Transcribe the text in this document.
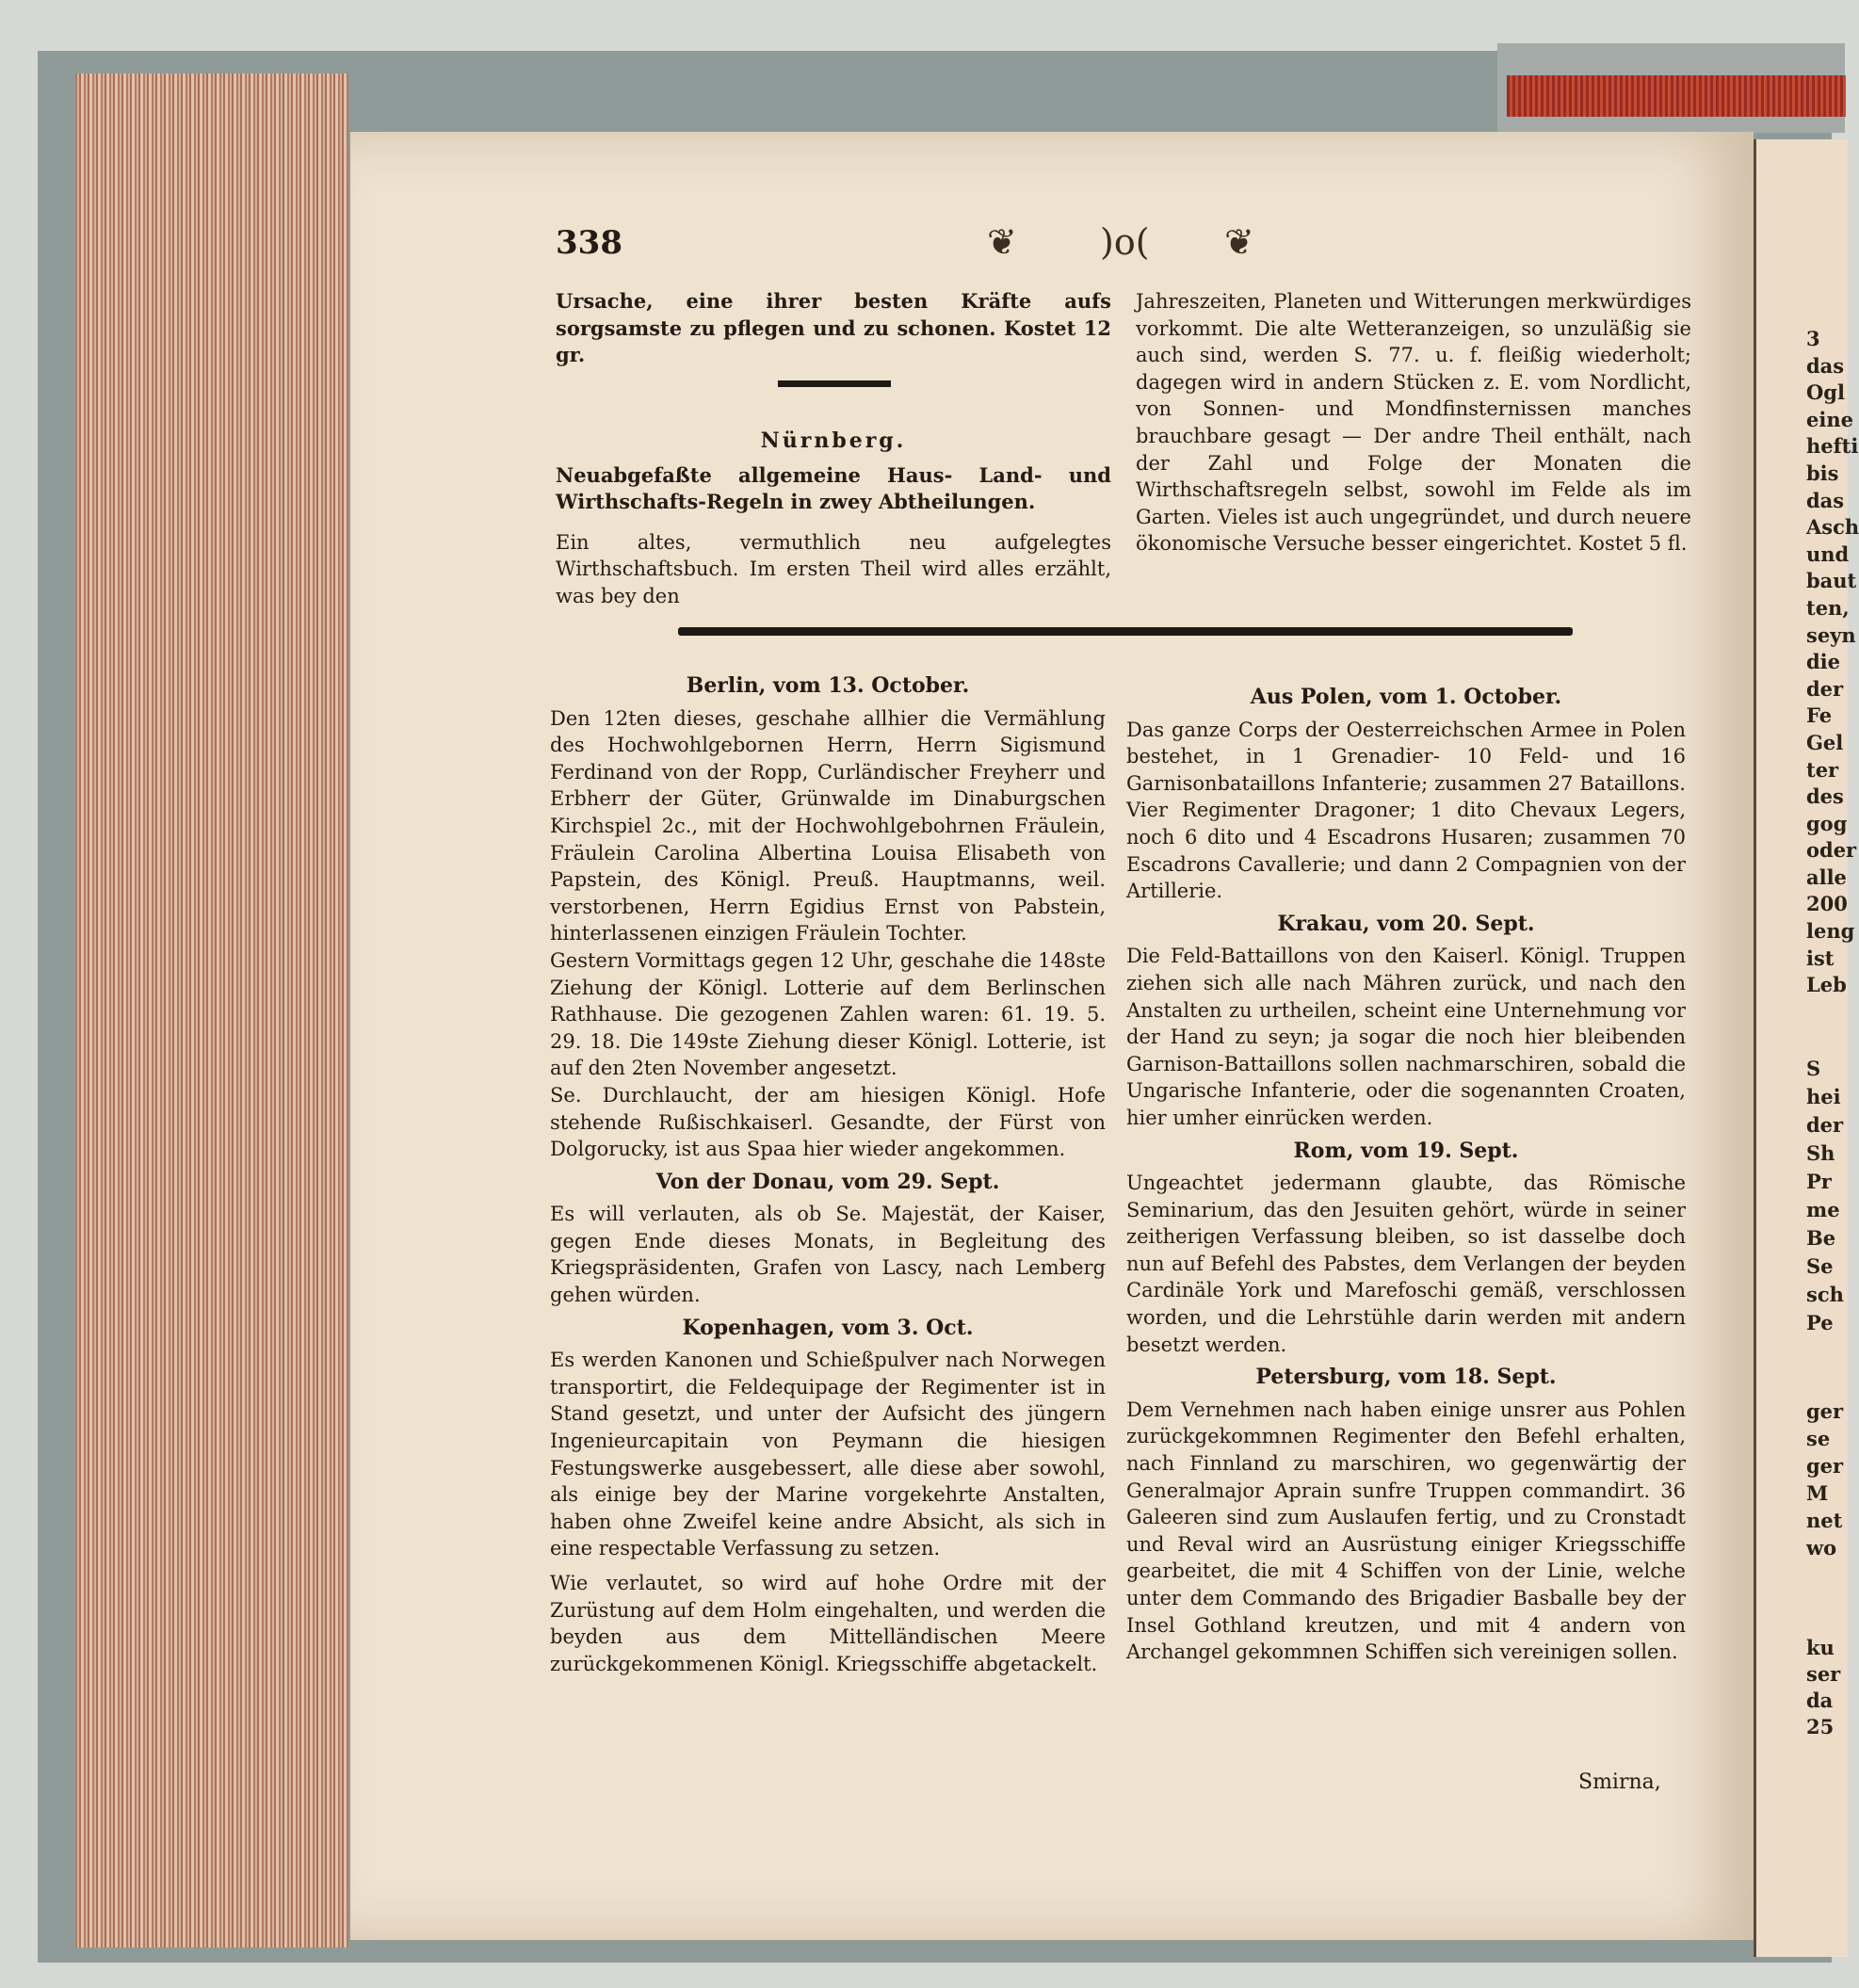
338	❦ )o( ❦

Ursache, eine ihrer besten Kräfte aufs sorgsamste zu pflegen und zu schonen. Kostet 12 gr.

Nürnberg.

Neuabgefaßte allgemeine Haus- Land- und Wirthschafts-Regeln in zwey Abtheilungen.

Ein altes, vermuthlich neu aufgelegtes Wirthschaftsbuch. Im ersten Theil wird alles erzählt, was bey den

Jahreszeiten, Planeten und Witterungen merkwürdiges vorkommt. Die alte Wetteranzeigen, so unzuläßig sie auch sind, werden S. 77. u. f. fleißig wiederholt; dagegen wird in andern Stücken z. E. vom Nordlicht, von Sonnen- und Mondfinsternissen manches brauchbare gesagt — Der andre Theil enthält, nach der Zahl und Folge der Monaten die Wirthschaftsregeln selbst, sowohl im Felde als im Garten. Vieles ist auch ungegründet, und durch neuere ökonomische Versuche besser eingerichtet. Kostet 5 fl.

Berlin, vom 13. October.

Den 12ten dieses, geschahe allhier die Vermählung des Hochwohlgebornen Herrn, Herrn Sigismund Ferdinand von der Ropp, Curländischer Freyherr und Erbherr der Güter, Grünwalde im Dinaburgschen Kirchspiel 2c., mit der Hochwohlgebohrnen Fräulein, Fräulein Carolina Albertina Louisa Elisabeth von Papstein, des Königl. Preuß. Hauptmanns, weil. verstorbenen, Herrn Egidius Ernst von Pabstein, hinterlassenen einzigen Fräulein Tochter.

Gestern Vormittags gegen 12 Uhr, geschahe die 148ste Ziehung der Königl. Lotterie auf dem Berlinschen Rathhause. Die gezogenen Zahlen waren: 61. 19. 5. 29. 18. Die 149ste Ziehung dieser Königl. Lotterie, ist auf den 2ten November angesetzt.

Se. Durchlaucht, der am hiesigen Königl. Hofe stehende Rußischkaiserl. Gesandte, der Fürst von Dolgorucky, ist aus Spaa hier wieder angekommen.

Von der Donau, vom 29. Sept.

Es will verlauten, als ob Se. Majestät, der Kaiser, gegen Ende dieses Monats, in Begleitung des Kriegspräsidenten, Grafen von Lascy, nach Lemberg gehen würden.

Kopenhagen, vom 3. Oct.

Es werden Kanonen und Schießpulver nach Norwegen transportirt, die Feldequipage der Regimenter ist in Stand gesetzt, und unter der Aufsicht des jüngern Ingenieurcapitain von Peymann die hiesigen Festungswerke ausgebessert, alle diese aber sowohl, als einige bey der Marine vorgekehrte Anstalten, haben ohne Zweifel keine andre Absicht, als sich in eine respectable Verfassung zu setzen.

Wie verlautet, so wird auf hohe Ordre mit der Zurüstung auf dem Holm eingehalten, und werden die beyden aus dem Mittelländischen Meere zurückgekommenen Königl. Kriegsschiffe abgetackelt.

Aus Polen, vom 1. October.

Das ganze Corps der Oesterreichschen Armee in Polen bestehet, in 1 Grenadier- 10 Feld- und 16 Garnisonbataillons Infanterie; zusammen 27 Bataillons. Vier Regimenter Dragoner; 1 dito Chevaux Legers, noch 6 dito und 4 Escadrons Husaren; zusammen 70 Escadrons Cavallerie; und dann 2 Compagnien von der Artillerie.

Krakau, vom 20. Sept.

Die Feld-Battaillons von den Kaiserl. Königl. Truppen ziehen sich alle nach Mähren zurück, und nach den Anstalten zu urtheilen, scheint eine Unternehmung vor der Hand zu seyn; ja sogar die noch hier bleibenden Garnison-Battaillons sollen nachmarschiren, sobald die Ungarische Infanterie, oder die sogenannten Croaten, hier umher einrücken werden.

Rom, vom 19. Sept.

Ungeachtet jedermann glaubte, das Römische Seminarium, das den Jesuiten gehört, würde in seiner zeitherigen Verfassung bleiben, so ist dasselbe doch nun auf Befehl des Pabstes, dem Verlangen der beyden Cardinäle York und Marefoschi gemäß, verschlossen worden, und die Lehrstühle darin werden mit andern besetzt werden.

Petersburg, vom 18. Sept.

Dem Vernehmen nach haben einige unsrer aus Pohlen zurückgekommnen Regimenter den Befehl erhalten, nach Finnland zu marschiren, wo gegenwärtig der Generalmajor Aprain sunfre Truppen commandirt. 36 Galeeren sind zum Auslaufen fertig, und zu Cronstadt und Reval wird an Ausrüstung einiger Kriegsschiffe gearbeitet, die mit 4 Schiffen von der Linie, welche unter dem Commando des Brigadier Basballe bey der Insel Gothland kreutzen, und mit 4 andern von Archangel gekommnen Schiffen sich vereinigen sollen.

Smirna,
3
das
Ogl
eine
hefti
bis
das
Asch
und
baut
ten,
seyn
die
der
Fe
Gel
ter
des
gog
oder
alle
200
leng
ist
Leb
S
hei
der
Sh
Pr
me
Be
Se
sch
Pe
ger
se
ger
M
net
wo
ku
ser
da
25
